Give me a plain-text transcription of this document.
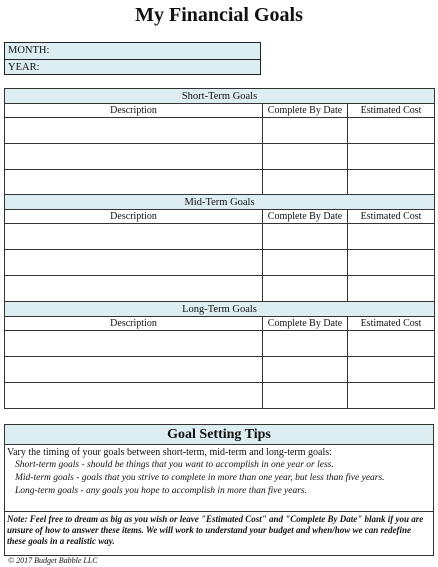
My Financial Goals
MONTH:
YEAR:
Short-Term Goals		
Description	Complete By Date	Estimated Cost

Mid-Term Goals		
Description	Complete By Date	Estimated Cost

Long-Term Goals		
Description	Complete By Date	Estimated Cost

Goal Setting Tips
Vary the timing of your goals between short-term, mid-term and long-term goals:
Short-term goals - should be things that you want to accomplish in one year or less.
Mid-term goals - goals that you strive to complete in more than one year, but less than five years.
Long-term goals - any goals you hope to accomplish in more than five years.
Note: Feel free to dream as big as you wish or leave "Estimated Cost" and "Complete By Date" blank if you are unsure of how to answer these items. We will work to understand your budget and when/how we can redefine these goals in a realistic way.
© 2017 Budget Babble LLC
